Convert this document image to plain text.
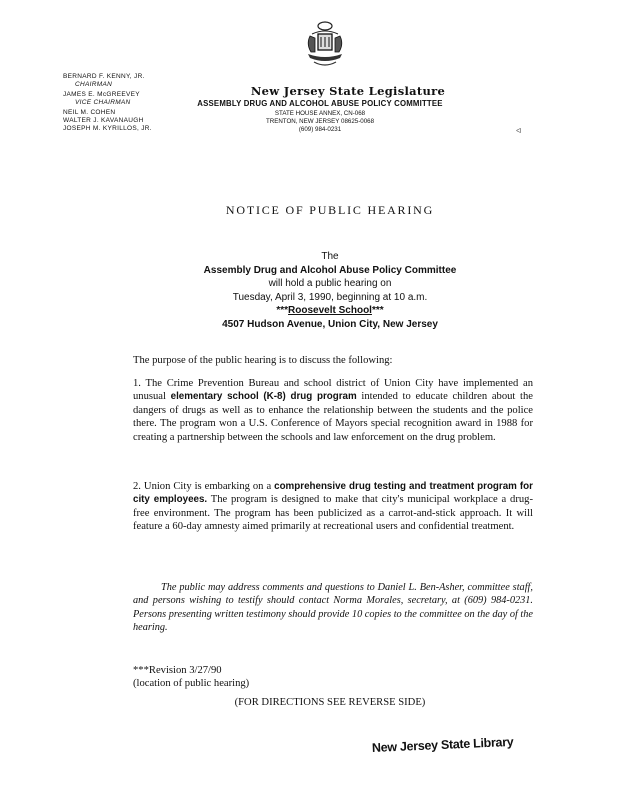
BERNARD F. KENNY, JR.
CHAIRMAN
JAMES E. McGREEVEY
VICE CHAIRMAN
NEIL M. COHEN
WALTER J. KAVANAUGH
JOSEPH M. KYRILLOS, JR.
New Jersey State Legislature
ASSEMBLY DRUG AND ALCOHOL ABUSE POLICY COMMITTEE
STATE HOUSE ANNEX, CN-068
TRENTON, NEW JERSEY 08625-0068
(609) 984-0231	ᐊ
NOTICE OF PUBLIC HEARING
The
Assembly Drug and Alcohol Abuse Policy Committee
will hold a public hearing on
Tuesday, April 3, 1990, beginning at 10 a.m.
***Roosevelt School***
4507 Hudson Avenue, Union City, New Jersey
The purpose of the public hearing is to discuss the following:
1. The Crime Prevention Bureau and school district of Union City have implemented an unusual elementary school (K-8) drug program intended to educate children about the dangers of drugs as well as to enhance the relationship between the students and the police there. The program won a U.S. Conference of Mayors special recognition award in 1988 for creating a partnership between the schools and law enforcement on the drug problem.
2. Union City is embarking on a comprehensive drug testing and treatment program for city employees. The program is designed to make that city's municipal workplace a drug-free environment. The program has been publicized as a carrot-and-stick approach. It will feature a 60-day amnesty aimed primarily at recreational users and confidential treatment.
The public may address comments and questions to Daniel L. Ben-Asher, committee staff, and persons wishing to testify should contact Norma Morales, secretary, at (609) 984-0231. Persons presenting written testimony should provide 10 copies to the committee on the day of the hearing.
***Revision 3/27/90
(location of public hearing)
(FOR DIRECTIONS SEE REVERSE SIDE)
New Jersey State Library
